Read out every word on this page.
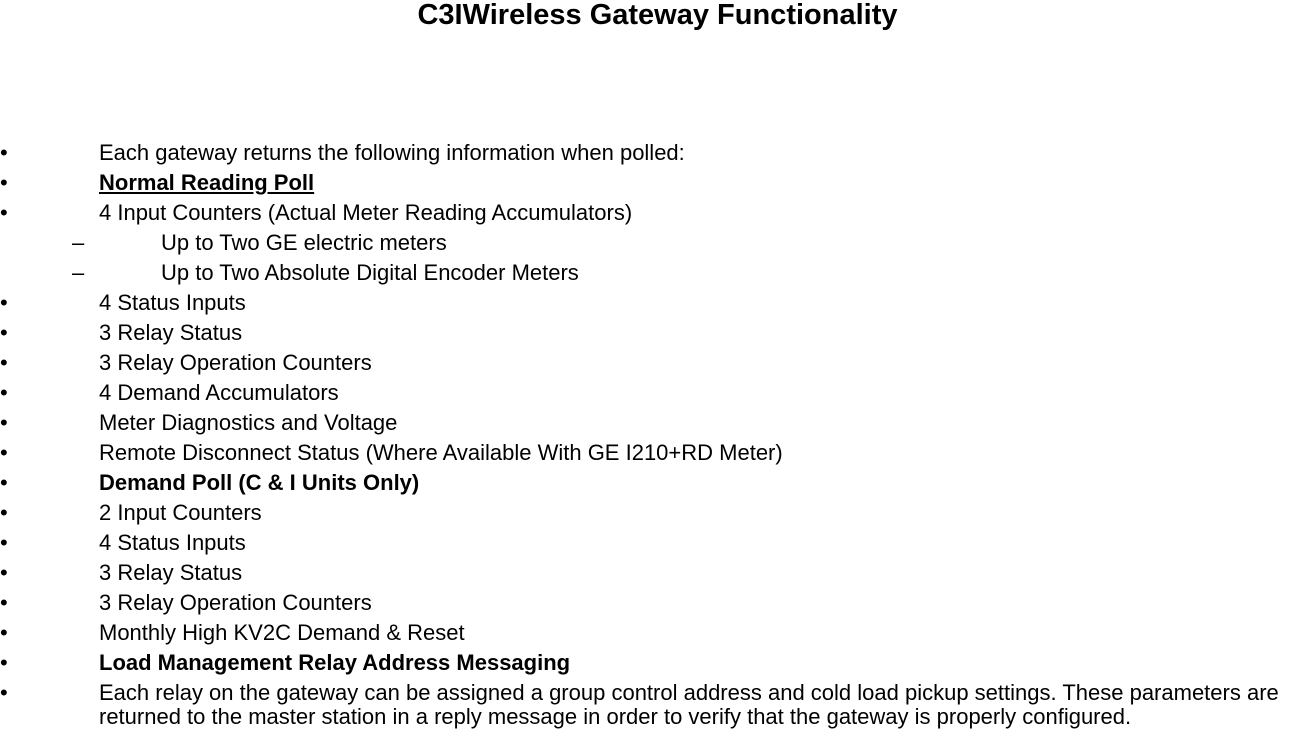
C3IWireless Gateway Functionality
•	Each gateway returns the following information when polled:
•	Normal Reading Poll
•	4 Input Counters (Actual Meter Reading Accumulators)
–	Up to Two GE electric meters
–	Up to Two Absolute Digital Encoder Meters
•	4 Status Inputs
•	3 Relay Status
•	3 Relay Operation Counters
•	4 Demand Accumulators
•	Meter Diagnostics and Voltage
•	Remote Disconnect Status (Where Available With GE I210+RD Meter)
•	Demand Poll (C & I Units Only)
•	2 Input Counters
•	4 Status Inputs
•	3 Relay Status
•	3 Relay Operation Counters
•	Monthly High KV2C Demand & Reset
•	Load Management Relay Address Messaging
•	Each relay on the gateway can be assigned a group control address and cold load pickup settings. These parameters are returned to the master station in a reply message in order to verify that the gateway is properly configured.
